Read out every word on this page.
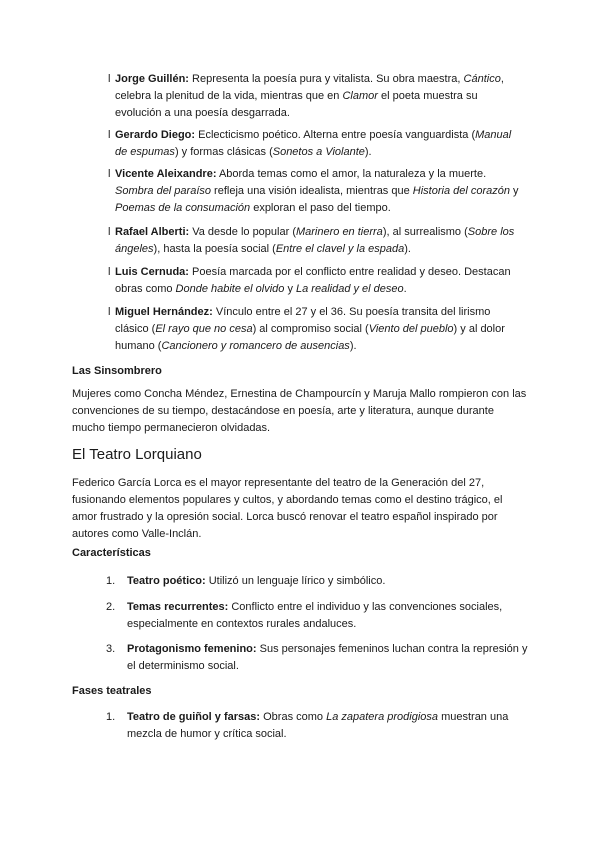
l Jorge Guillén: Representa la poesía pura y vitalista. Su obra maestra, Cántico, celebra la plenitud de la vida, mientras que en Clamor el poeta muestra su evolución a una poesía desgarrada.
l Gerardo Diego: Eclecticismo poético. Alterna entre poesía vanguardista (Manual de espumas) y formas clásicas (Sonetos a Violante).
l Vicente Aleixandre: Aborda temas como el amor, la naturaleza y la muerte. Sombra del paraíso refleja una visión idealista, mientras que Historia del corazón y Poemas de la consumación exploran el paso del tiempo.
l Rafael Alberti: Va desde lo popular (Marinero en tierra), al surrealismo (Sobre los ángeles), hasta la poesía social (Entre el clavel y la espada).
l Luis Cernuda: Poesía marcada por el conflicto entre realidad y deseo. Destacan obras como Donde habite el olvido y La realidad y el deseo.
l Miguel Hernández: Vínculo entre el 27 y el 36. Su poesía transita del lirismo clásico (El rayo que no cesa) al compromiso social (Viento del pueblo) y al dolor humano (Cancionero y romancero de ausencias).
Las Sinsombrero
Mujeres como Concha Méndez, Ernestina de Champourcín y Maruja Mallo rompieron con las convenciones de su tiempo, destacándose en poesía, arte y literatura, aunque durante mucho tiempo permanecieron olvidadas.
El Teatro Lorquiano
Federico García Lorca es el mayor representante del teatro de la Generación del 27, fusionando elementos populares y cultos, y abordando temas como el destino trágico, el amor frustrado y la opresión social. Lorca buscó renovar el teatro español inspirado por autores como Valle-Inclán.
Características
1.	Teatro poético: Utilizó un lenguaje lírico y simbólico.
2.	Temas recurrentes: Conflicto entre el individuo y las convenciones sociales, especialmente en contextos rurales andaluces.
3.	Protagonismo femenino: Sus personajes femeninos luchan contra la represión y el determinismo social.
Fases teatrales
1.	Teatro de guiñol y farsas: Obras como La zapatera prodigiosa muestran una mezcla de humor y crítica social.
